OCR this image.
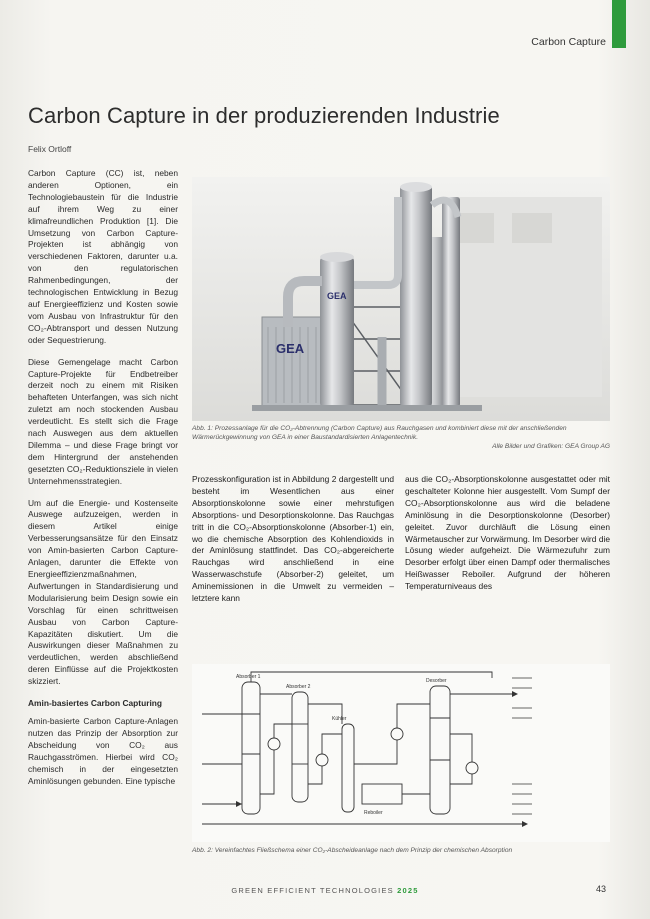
Carbon Capture
Carbon Capture in der produzierenden Industrie
Felix Ortloff

Carbon Capture (CC) ist, neben anderen Optionen, ein Technologiebaustein für die Industrie auf ihrem Weg zu einer klimafreundlichen Produktion [1]. Die Umsetzung von Carbon Capture-Projekten ist abhängig von verschiedenen Faktoren, darunter u.a. von den regulatorischen Rahmenbedingungen, der technologischen Entwicklung in Bezug auf Energieeffizienz und Kosten sowie vom Ausbau von Infrastruktur für den CO₂-Abtransport und dessen Nutzung oder Sequestrierung.

Diese Gemengelage macht Carbon Capture-Projekte für Endbetreiber derzeit noch zu einem mit Risiken behafteten Unterfangen, was sich nicht zuletzt am noch stockenden Ausbau verdeutlicht. Es stellt sich die Frage nach Auswegen aus dem aktuellen Dilemma – und diese Frage bringt vor dem Hintergrund der anstehenden gesetzten CO₂-Reduktionsziele in vielen Unternehmensstrategien.

Um auf die Energie- und Kostenseite Auswege aufzuzeigen, werden in diesem Artikel einige Verbesserungsansätze für den Einsatz von Amin-basierten Carbon Capture-Anlagen, darunter die Effekte von Energieeffizienzmaßnahmen, Aufwertungen in Standardisierung und Modularisierung beim Design sowie ein Vorschlag für einen schrittweisen Ausbau von Carbon Capture-Kapazitäten diskutiert. Um die Auswirkungen dieser Maßnahmen zu verdeutlichen, werden abschließend deren Einflüsse auf die Projektkosten skizziert.

Amin-basiertes Carbon Capturing

Amin-basierte Carbon Capture-Anlagen nutzen das Prinzip der Absorption zur Abscheidung von CO₂ aus Rauchgasströmen. Hierbei wird CO₂ chemisch in der eingesetzten Aminlösungen gebunden. Eine typische

GEA
GEA
Abb. 1: Prozessanlage für die CO₂-Abtrennung (Carbon Capture) aus Rauchgasen und kombiniert diese mit der anschließenden Wärmerückgewinnung von GEA in einer Baustandardisierten Anlagentechnik.
Alle Bilder und Grafiken: GEA Group AG

Prozesskonfiguration ist in Abbildung 2 dargestellt und besteht im Wesentlichen aus einer Absorptionskolonne sowie einer mehrstufigen Absorptions- und Desorptionskolonne. Das Rauchgas tritt in die CO₂-Absorptionskolonne (Absorber-1) ein, wo die chemische Absorption des Kohlendioxids in der Aminlösung stattfindet. Das CO₂-abgereicherte Rauchgas wird anschließend in eine Wasserwaschstufe (Absorber-2) geleitet, um Aminemissionen in die Umwelt zu vermeiden – letztere kann

aus die CO₂-Absorptionskolonne ausgestattet oder mit geschalteter Kolonne hier ausgestellt. Vom Sumpf der CO₂-Absorptionskolonne aus wird die beladene Aminlösung in die Desorptionskolonne (Desorber) geleitet. Zuvor durchläuft die Lösung einen Wärmetauscher zur Vorwärmung. Im Desorber wird die Lösung wieder aufgeheizt. Die Wärmezufuhr zum Desorber erfolgt über einen Dampf oder thermalisches Heißwasser Reboiler. Aufgrund der höheren Temperaturniveaus des

Absorber 1
Absorber 2
Desorber
Reboiler
Kühler
Abb. 2: Vereinfachtes Fließschema einer CO₂-Abscheideanlage nach dem Prinzip der chemischen Absorption
GREEN EFFICIENT TECHNOLOGIES 2025	43
